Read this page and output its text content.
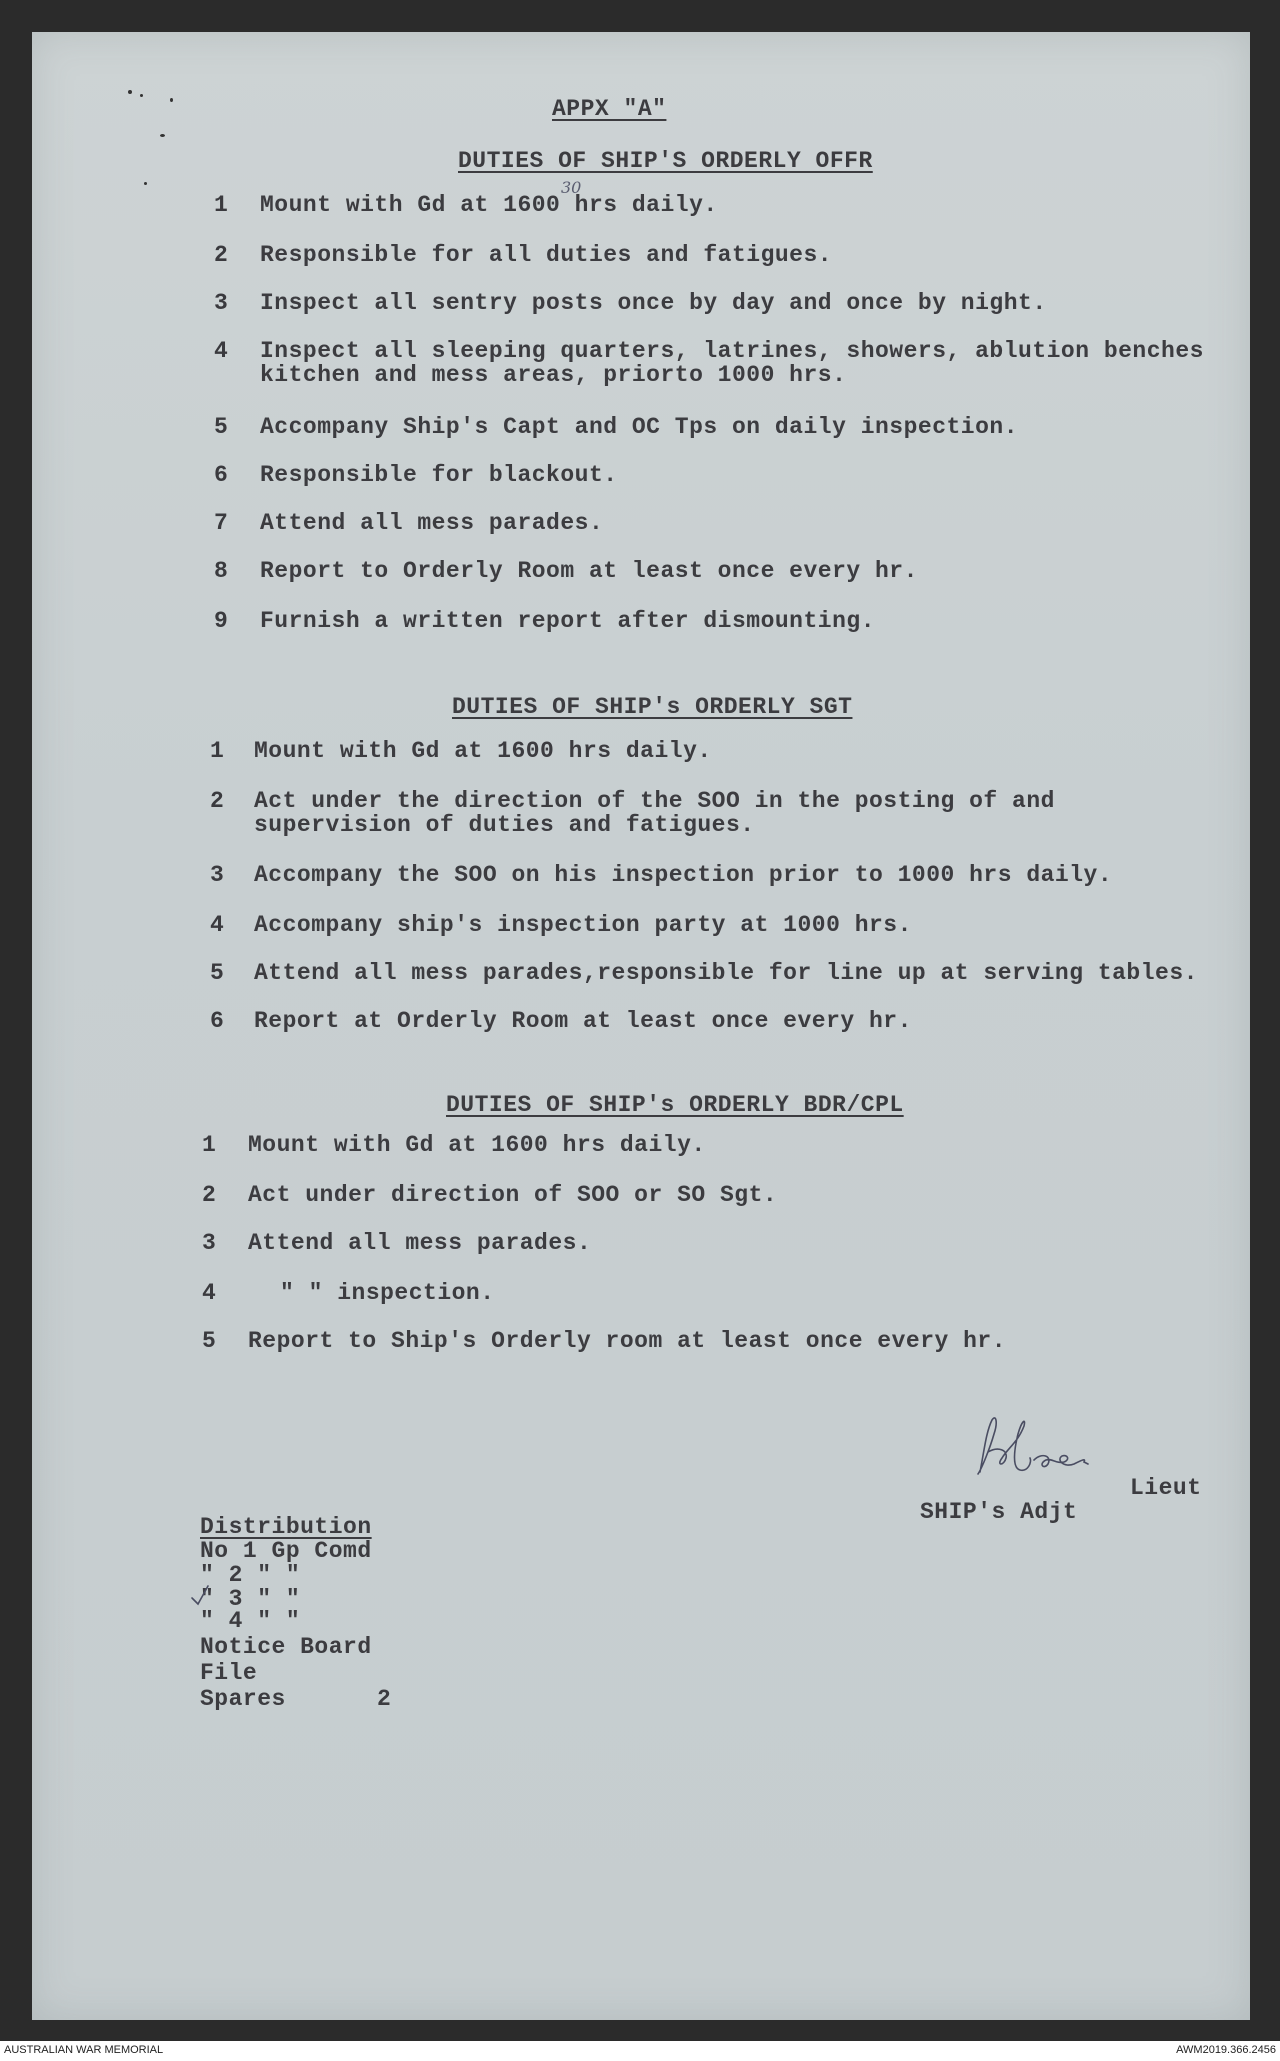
APPX "A"
DUTIES OF SHIP'S ORDERLY OFFR
30
1 Mount with Gd at 1600 hrs daily.
2 Responsible for all duties and fatigues.
3 Inspect all sentry posts once by day and once by night.
4 Inspect all sleeping quarters, latrines, showers, ablution benches
kitchen and mess areas, priorto 1000 hrs.
5 Accompany Ship's Capt and OC Tps on daily inspection.
6 Responsible for blackout.
7 Attend all mess parades.
8 Report to Orderly Room at least once every hr.
9 Furnish a written report after dismounting.
DUTIES OF SHIP's ORDERLY SGT
1 Mount with Gd at 1600 hrs daily.
2 Act under the direction of the SOO in the posting of and
supervision of duties and fatigues.
3 Accompany the SOO on his inspection prior to 1000 hrs daily.
4 Accompany ship's inspection party at 1000 hrs.
5 Attend all mess parades,responsible for line up at serving tables.
6 Report at Orderly Room at least once every hr.
DUTIES OF SHIP's ORDERLY BDR/CPL
1 Mount with Gd at 1600 hrs daily.
2 Act under direction of SOO or SO Sgt.
3 Attend all mess parades.
4	" " inspection.
5 Report to Ship's Orderly room at least once every hr.
Lieut
SHIP's Adjt
Distribution
No 1 Gp Comd
" 2 " "
" 3 " "
" 4 " "
Notice Board
File
Spares	2
AUSTRALIAN WAR MEMORIAL	AWM2019.366.2456
